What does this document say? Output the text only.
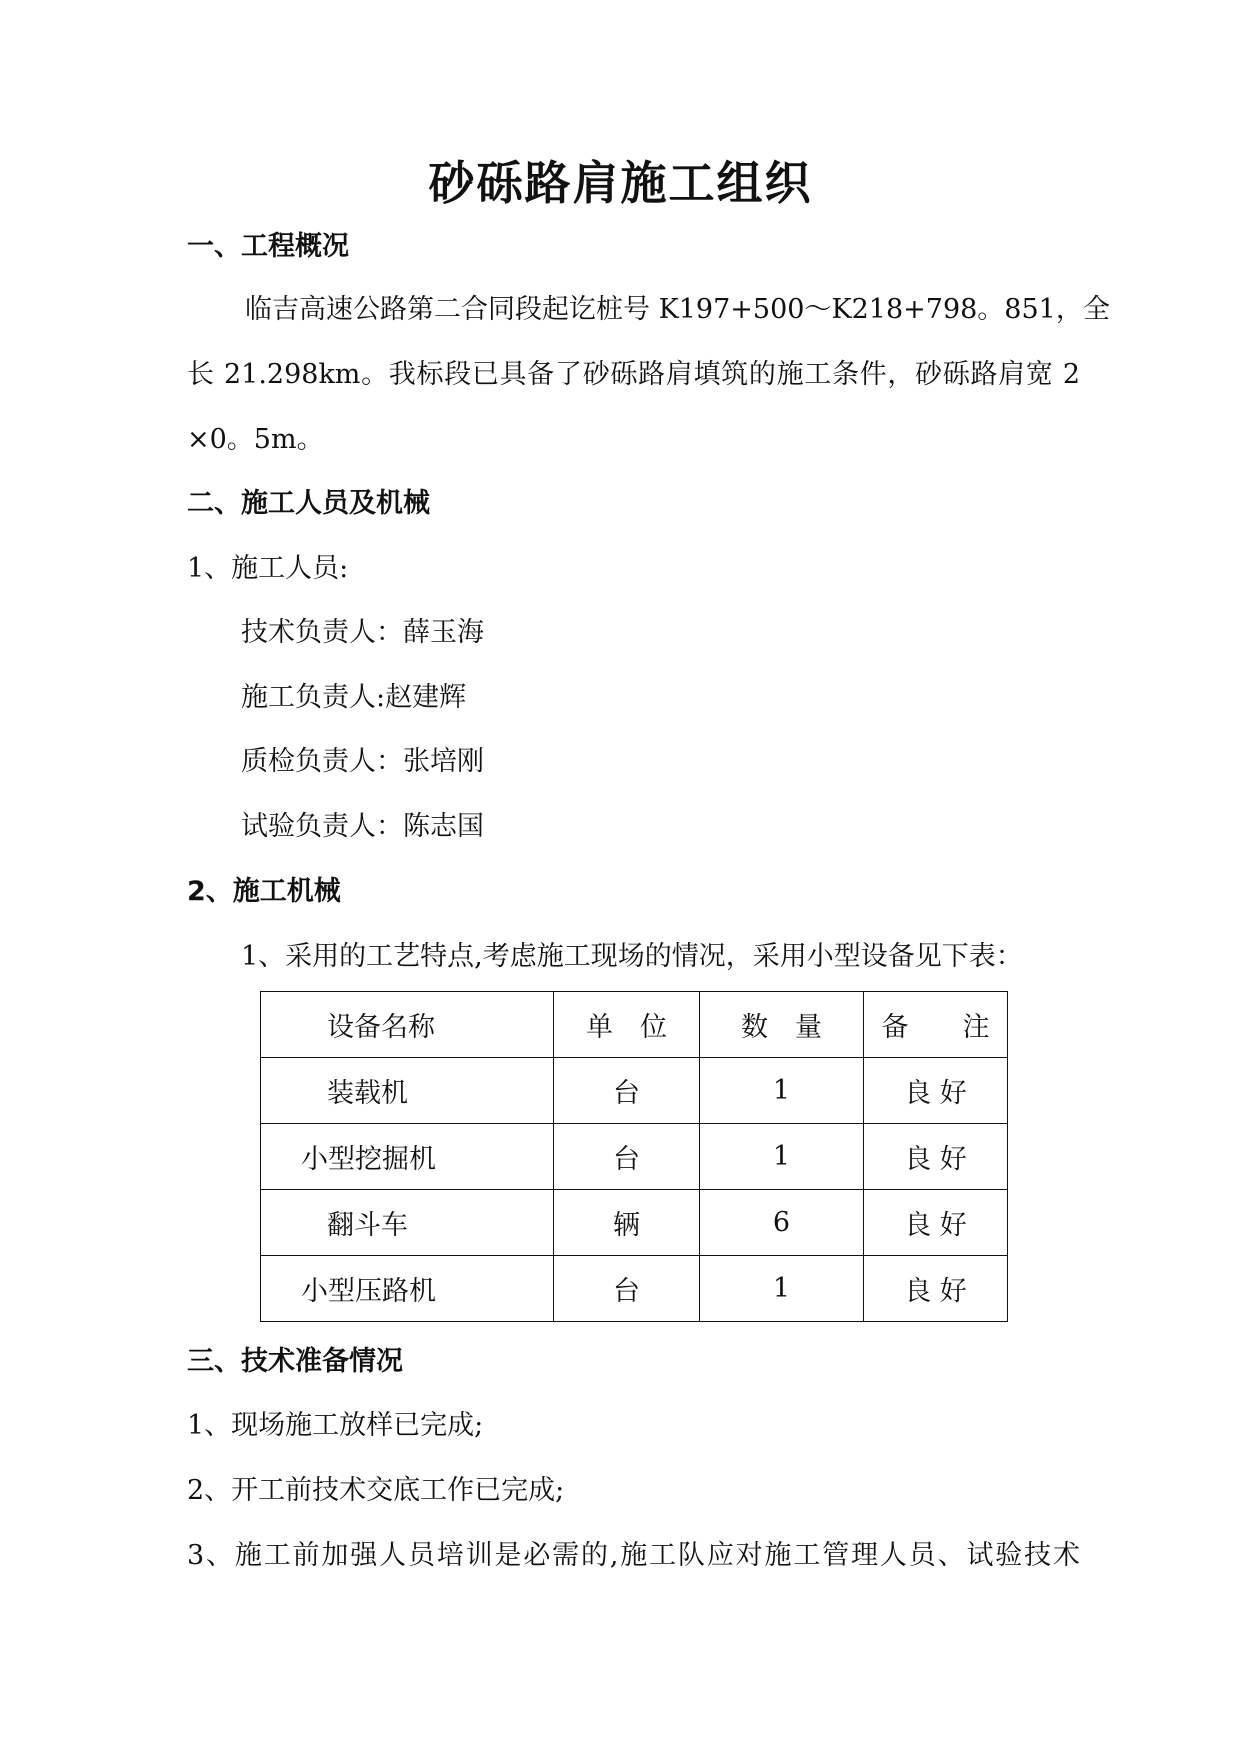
砂砾路肩施工组织
一、工程概况
临吉高速公路第二合同段起讫桩号 K197+500～K218+798。851，全
长 21.298km。我标段已具备了砂砾路肩填筑的施工条件，砂砾路肩宽 2
×0。5m。
二、施工人员及机械
1、施工人员:
技术负责人：薛玉海
施工负责人:赵建辉
质检负责人：张培刚
试验负责人：陈志国
2、施工机械
1、采用的工艺特点,考虑施工现场的情况，采用小型设备见下表：
设备名称	单　位	数　量	备　　注
装载机	台	1	良 好
小型挖掘机	台	1	良 好
翻斗车	辆	6	良 好
小型压路机	台	1	良 好
三、技术准备情况
1、现场施工放样已完成;
2、开工前技术交底工作已完成;
3、施工前加强人员培训是必需的,施工队应对施工管理人员、试验技术
